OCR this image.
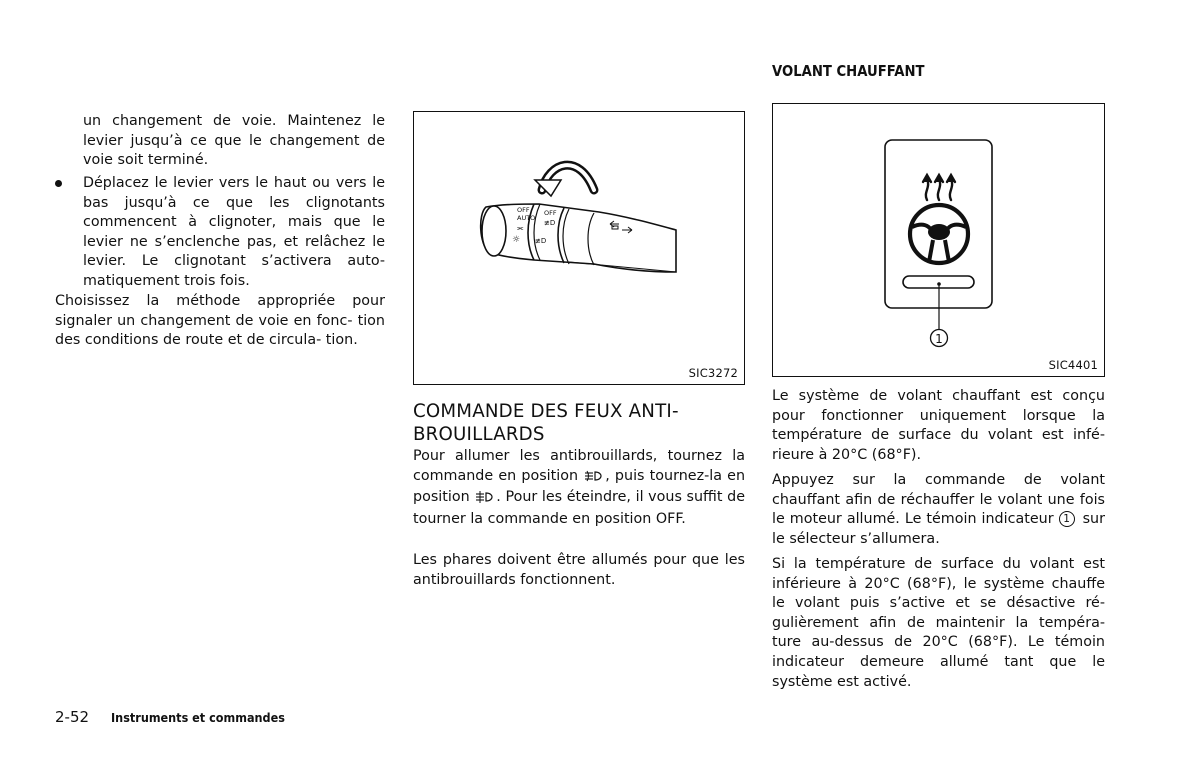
un changement de voie. Maintenez le levier jusqu’à ce que le changement de voie soit terminé.

Déplacez le levier vers le haut ou vers le bas jusqu’à ce que les clignotants commencent à clignoter, mais que le levier ne s’enclenche pas, et relâchez le levier. Le clignotant s’activera auto- matiquement trois fois.

Choisissez la méthode appropriée pour signaler un changement de voie en fonc- tion des conditions de route et de circula- tion.

OFF
AUTO
⫘
☼ ≢D
OFF
≢D
SIC3272
COMMANDE DES FEUX ANTI- BROUILLARDS

Pour allumer les antibrouillards, tournez la commande en position , puis tournez-la en position . Pour les éteindre, il vous suffit de tourner la commande en position OFF.

Les phares doivent être allumés pour que les antibrouillards fonctionnent.

VOLANT CHAUFFANT
1
SIC4401

Le système de volant chauffant est conçu pour fonctionner uniquement lorsque la température de surface du volant est infé- rieure à 20°C (68°F).

Appuyez sur la commande de volant chauffant afin de réchauffer le volant une fois le moteur allumé. Le témoin indicateur 1 sur le sélecteur s’allumera.

Si la température de surface du volant est inférieure à 20°C (68°F), le système chauffe le volant puis s’active et se désactive ré- gulièrement afin de maintenir la tempéra- ture au-dessus de 20°C (68°F). Le témoin indicateur demeure allumé tant que le système est activé.

2-52 Instruments et commandes
